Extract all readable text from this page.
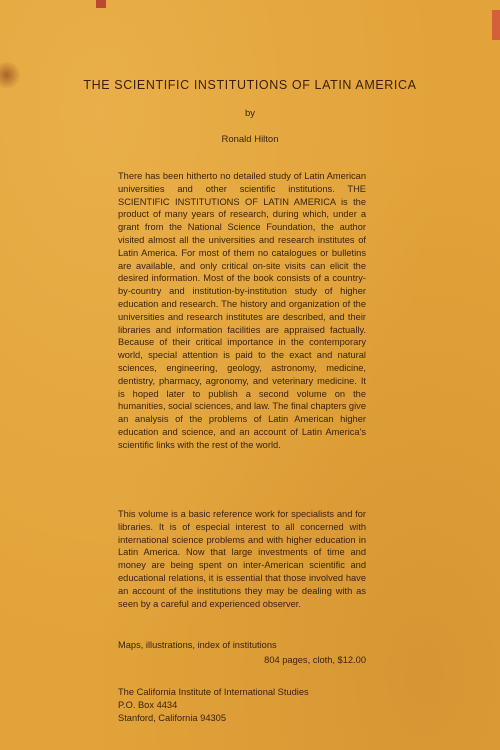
THE SCIENTIFIC INSTITUTIONS OF LATIN AMERICA
by
Ronald Hilton
There has been hitherto no detailed study of Latin American universities and other scientific institutions. THE SCIENTIFIC INSTITUTIONS OF LATIN AMERICA is the product of many years of research, during which, under a grant from the National Science Foundation, the author visited almost all the universities and research institutes of Latin America. For most of them no catalogues or bulletins are available, and only critical on-site visits can elicit the desired information. Most of the book consists of a country-by-country and institution-by-institution study of higher education and research. The history and organization of the universities and research institutes are described, and their libraries and information facilities are appraised factually. Because of their critical importance in the contemporary world, special attention is paid to the exact and natural sciences, engineering, geology, astronomy, medicine, dentistry, pharmacy, agronomy, and veterinary medicine. It is hoped later to publish a second volume on the humanities, social sciences, and law. The final chapters give an analysis of the problems of Latin American higher education and science, and an account of Latin America's scientific links with the rest of the world.
This volume is a basic reference work for specialists and for libraries. It is of especial interest to all concerned with international science problems and with higher education in Latin America. Now that large investments of time and money are being spent on inter-American scientific and educational relations, it is essential that those involved have an account of the institutions they may be dealing with as seen by a careful and experienced observer.
Maps, illustrations, index of institutions
804 pages, cloth, $12.00
The California Institute of International Studies
P.O. Box 4434
Stanford, California 94305
